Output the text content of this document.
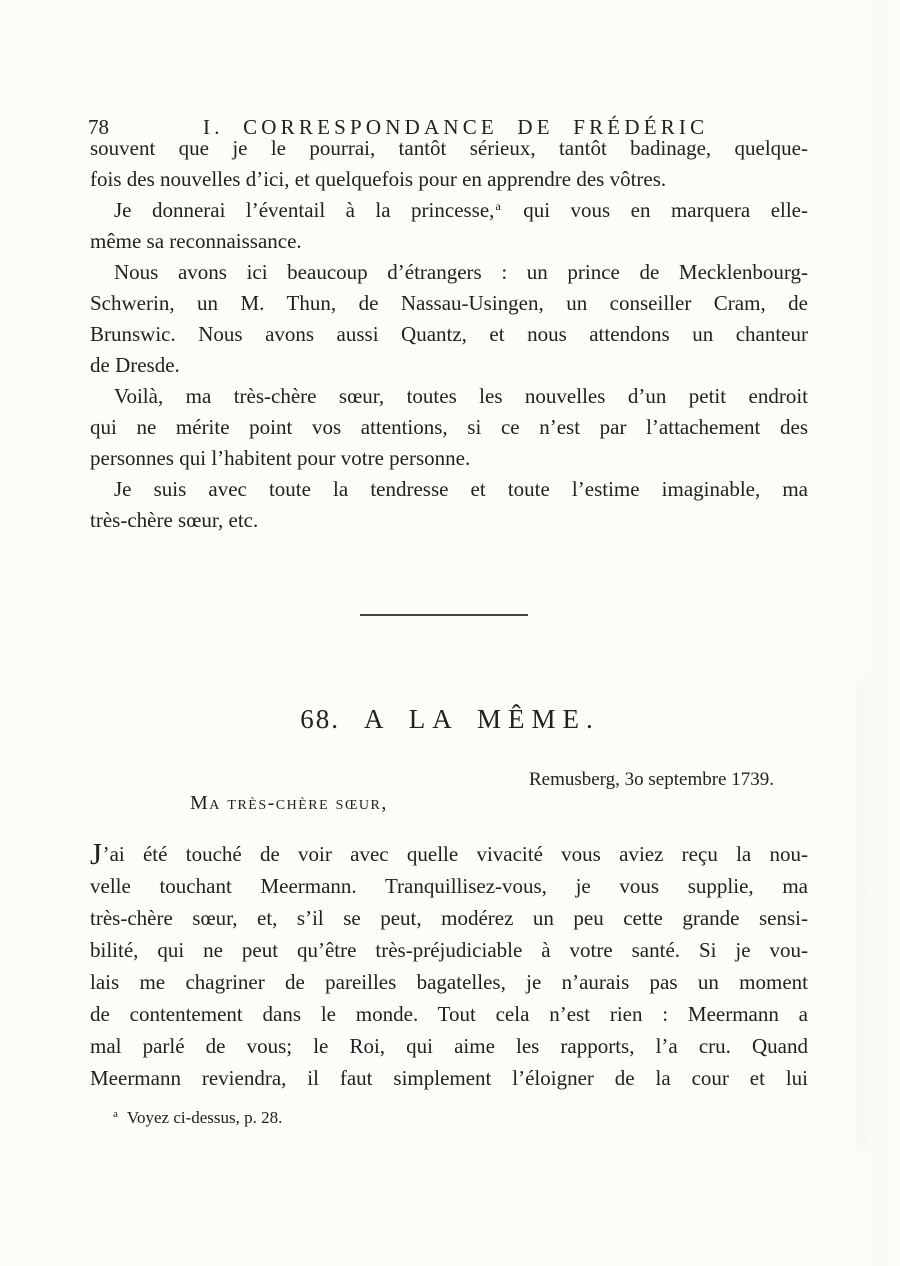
78	I. CORRESPONDANCE DE FRÉDÉRIC
souvent que je le pourrai, tantôt sérieux, tantôt badinage, quelque-
fois des nouvelles d’ici, et quelquefois pour en apprendre des vôtres.
Je donnerai l’éventail à la princesse,$^a$ qui vous en marquera elle-
même sa reconnaissance.
Nous avons ici beaucoup d’étrangers : un prince de Mecklenbourg-
Schwerin, un M. Thun, de Nassau-Usingen, un conseiller Cram, de
Brunswic. Nous avons aussi Quantz, et nous attendons un chanteur
de Dresde.
Voilà, ma très-chère sœur, toutes les nouvelles d’un petit endroit
qui ne mérite point vos attentions, si ce n’est par l’attachement des
personnes qui l’habitent pour votre personne.
Je suis avec toute la tendresse et toute l’estime imaginable, ma
très-chère sœur, etc.
68. A LA MÊME.
Remusberg, 3o septembre 1739.
Ma très-chère sœur,
J’ai été touché de voir avec quelle vivacité vous aviez reçu la nou-
velle touchant Meermann. Tranquillisez-vous, je vous supplie, ma
très-chère sœur, et, s’il se peut, modérez un peu cette grande sensi-
bilité, qui ne peut qu’être très-préjudiciable à votre santé. Si je vou-
lais me chagriner de pareilles bagatelles, je n’aurais pas un moment
de contentement dans le monde. Tout cela n’est rien : Meermann a
mal parlé de vous; le Roi, qui aime les rapports, l’a cru. Quand
Meermann reviendra, il faut simplement l’éloigner de la cour et lui
$^a$ Voyez ci-dessus, p. 28.
